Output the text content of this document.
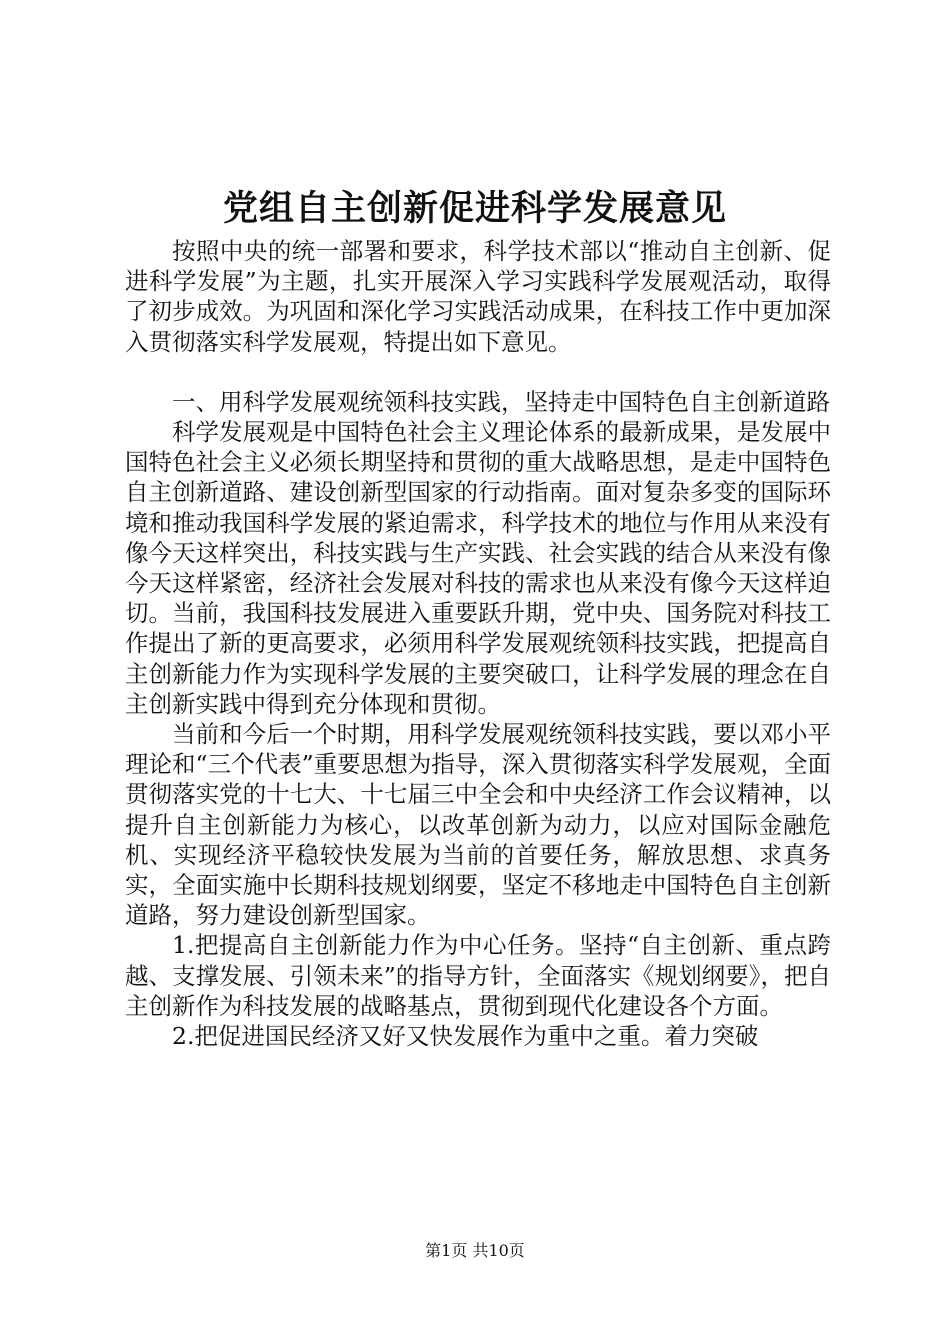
党组自主创新促进科学发展意见

按照中央的统一部署和要求，科学技术部以“推动自主创新、促进科学发展”为主题，扎实开展深入学习实践科学发展观活动，取得了初步成效。为巩固和深化学习实践活动成果，在科技工作中更加深入贯彻落实科学发展观，特提出如下意见。

一、用科学发展观统领科技实践，坚持走中国特色自主创新道路

科学发展观是中国特色社会主义理论体系的最新成果，是发展中国特色社会主义必须长期坚持和贯彻的重大战略思想，是走中国特色自主创新道路、建设创新型国家的行动指南。面对复杂多变的国际环境和推动我国科学发展的紧迫需求，科学技术的地位与作用从来没有像今天这样突出，科技实践与生产实践、社会实践的结合从来没有像今天这样紧密，经济社会发展对科技的需求也从来没有像今天这样迫切。当前，我国科技发展进入重要跃升期，党中央、国务院对科技工作提出了新的更高要求，必须用科学发展观统领科技实践，把提高自主创新能力作为实现科学发展的主要突破口，让科学发展的理念在自主创新实践中得到充分体现和贯彻。

当前和今后一个时期，用科学发展观统领科技实践，要以邓小平理论和“三个代表”重要思想为指导，深入贯彻落实科学发展观，全面贯彻落实党的十七大、十七届三中全会和中央经济工作会议精神，以提升自主创新能力为核心，以改革创新为动力，以应对国际金融危机、实现经济平稳较快发展为当前的首要任务，解放思想、求真务实，全面实施中长期科技规划纲要，坚定不移地走中国特色自主创新道路，努力建设创新型国家。

1.把提高自主创新能力作为中心任务。坚持“自主创新、重点跨越、支撑发展、引领未来”的指导方针，全面落实《规划纲要》，把自主创新作为科技发展的战略基点，贯彻到现代化建设各个方面。

2.把促进国民经济又好又快发展作为重中之重。着力突破

第1页 共10页
